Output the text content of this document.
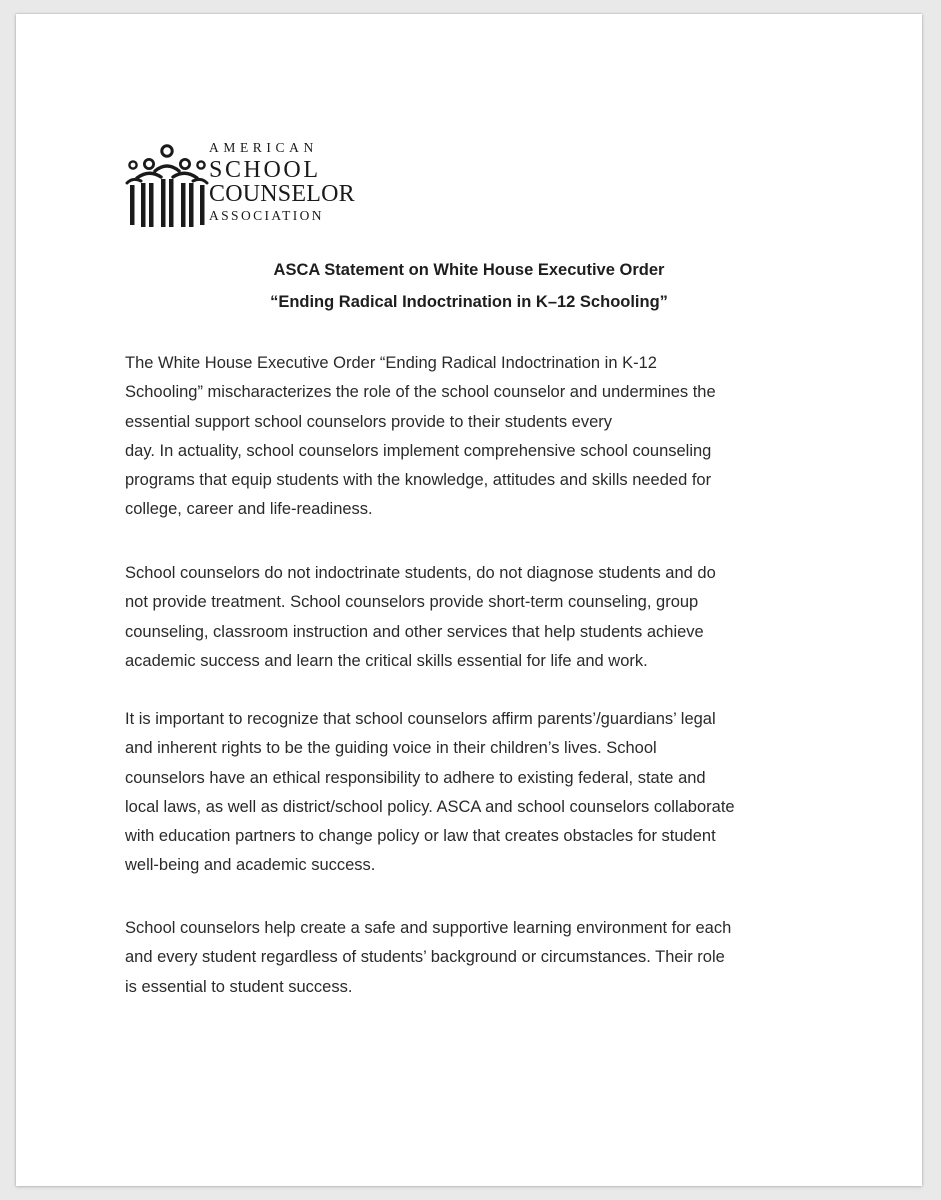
AMERICAN
SCHOOL
COUNSELOR
ASSOCIATION
ASCA Statement on White House Executive Order
“Ending Radical Indoctrination in K–12 Schooling”

The White House Executive Order “Ending Radical Indoctrination in K-12
Schooling” mischaracterizes the role of the school counselor and undermines the
essential support school counselors provide to their students every
day. In actuality, school counselors implement comprehensive school counseling
programs that equip students with the knowledge, attitudes and skills needed for
college, career and life-readiness.

School counselors do not indoctrinate students, do not diagnose students and do
not provide treatment. School counselors provide short-term counseling, group
counseling, classroom instruction and other services that help students achieve
academic success and learn the critical skills essential for life and work.

It is important to recognize that school counselors affirm parents’/guardians’ legal
and inherent rights to be the guiding voice in their children’s lives. School
counselors have an ethical responsibility to adhere to existing federal, state and
local laws, as well as district/school policy. ASCA and school counselors collaborate
with education partners to change policy or law that creates obstacles for student
well-being and academic success.

School counselors help create a safe and supportive learning environment for each
and every student regardless of students’ background or circumstances. Their role
is essential to student success.
